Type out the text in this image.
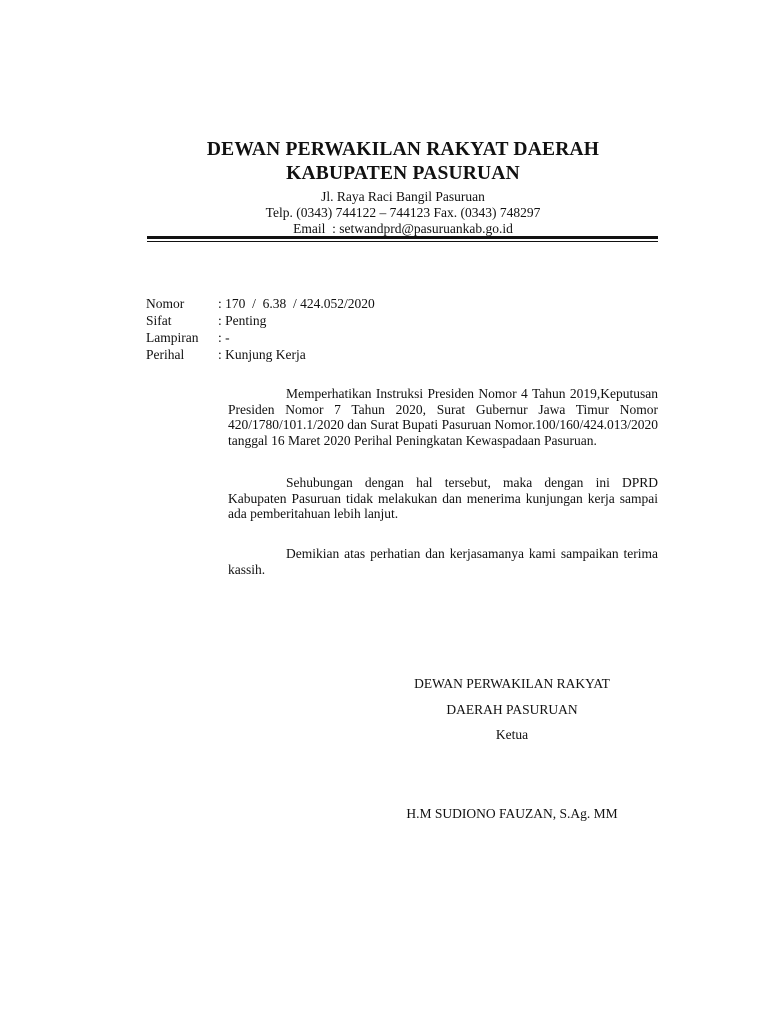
DEWAN PERWAKILAN RAKYAT DAERAH
KABUPATEN PASURUAN
Jl. Raya Raci Bangil Pasuruan
Telp. (0343) 744122 – 744123 Fax. (0343) 748297
Email  : setwandprd@pasuruankab.go.id
Nomor	: 170  /  6.38  / 424.052/2020
Sifat	: Penting
Lampiran	: -
Perihal	: Kunjung Kerja
Memperhatikan Instruksi Presiden Nomor 4 Tahun 2019,Keputusan Presiden Nomor 7 Tahun 2020, Surat Gubernur Jawa Timur Nomor 420/1780/101.1/2020 dan Surat Bupati Pasuruan Nomor.100/160/424.013/2020 tanggal 16 Maret 2020 Perihal Peningkatan Kewaspadaan Pasuruan.
Sehubungan dengan hal tersebut, maka dengan ini DPRD Kabupaten Pasuruan tidak melakukan dan menerima kunjungan kerja sampai ada pemberitahuan lebih lanjut.
Demikian atas perhatian dan kerjasamanya kami sampaikan terima kassih.
DEWAN PERWAKILAN RAKYAT
DAERAH PASURUAN
Ketua
H.M SUDIONO FAUZAN, S.Ag. MM
